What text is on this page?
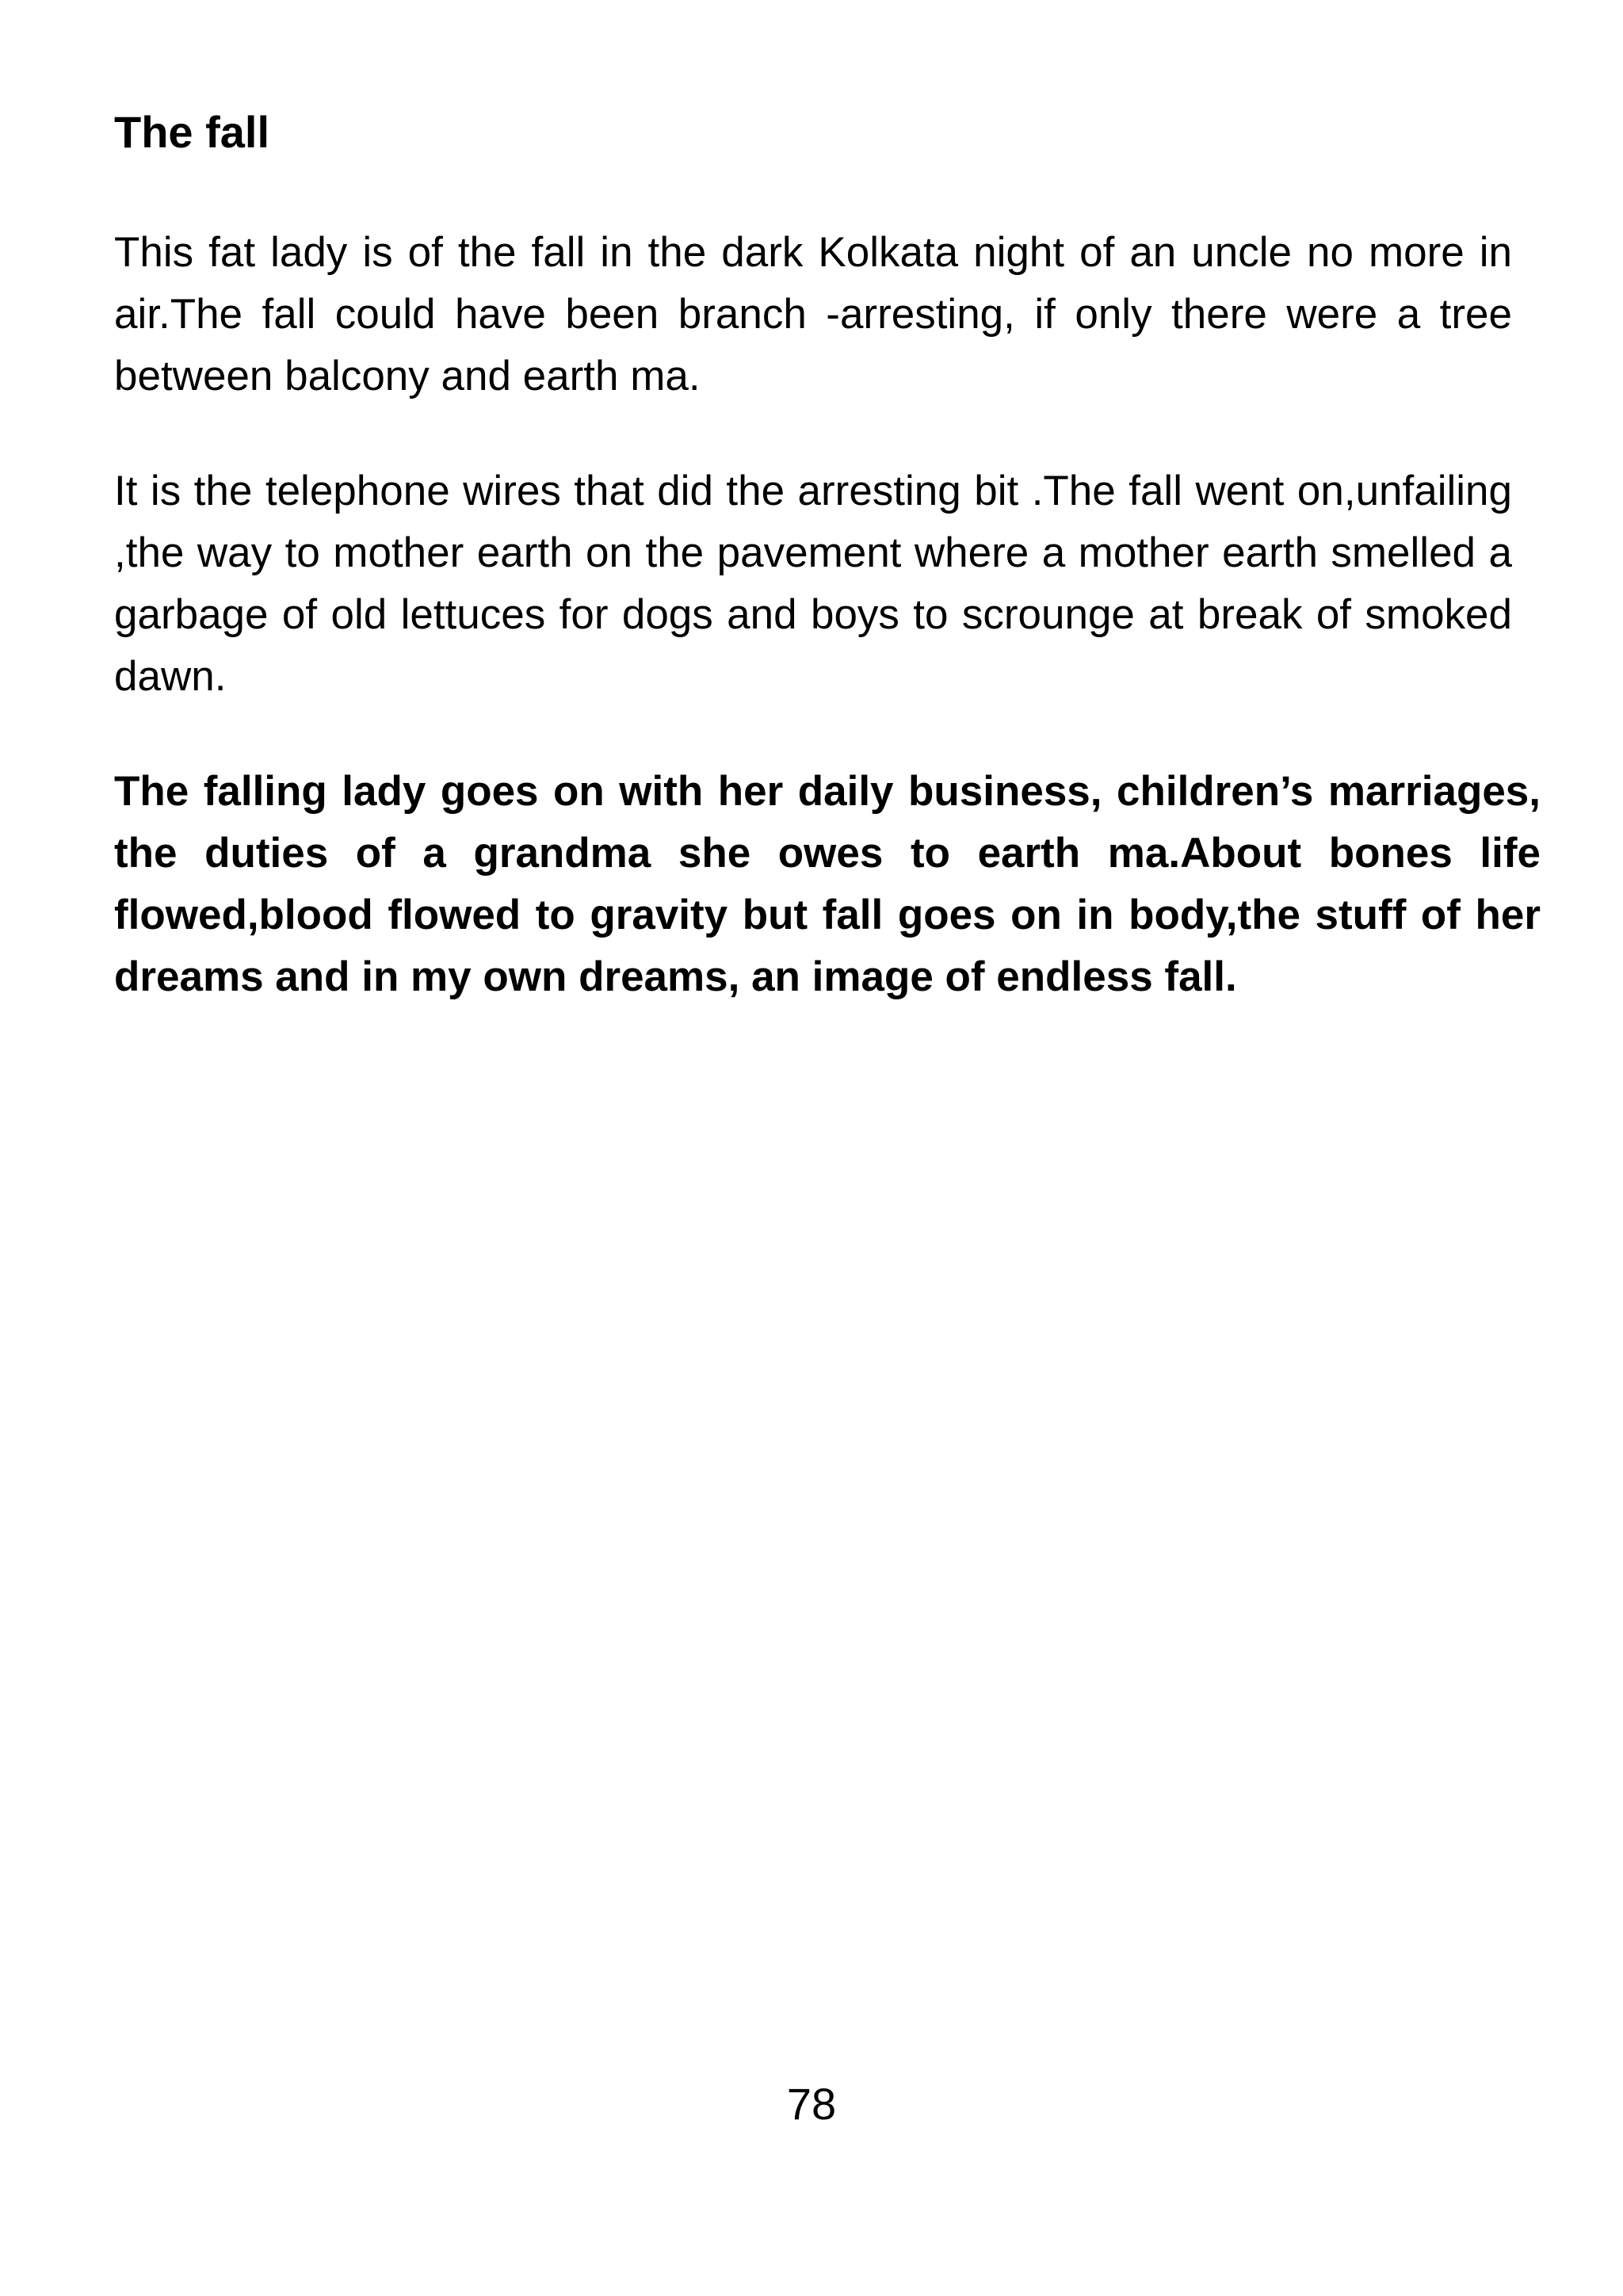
The fall

This fat lady is of the fall in the dark Kolkata night of an uncle no more in air.The fall could have been branch -arresting, if only there were a tree between balcony and earth ma.

It is the telephone wires that did the arresting bit .The fall went on,unfailing ,the way to mother earth on the pavement where a mother earth smelled a garbage of old lettuces for dogs and boys to scrounge at break of smoked dawn.

The falling lady goes on with her daily business, children’s marriages, the duties of a grandma she owes to earth ma.About bones life flowed,blood flowed to gravity but fall goes on in body,the stuff of her dreams and in my own dreams, an image of endless fall.

78
